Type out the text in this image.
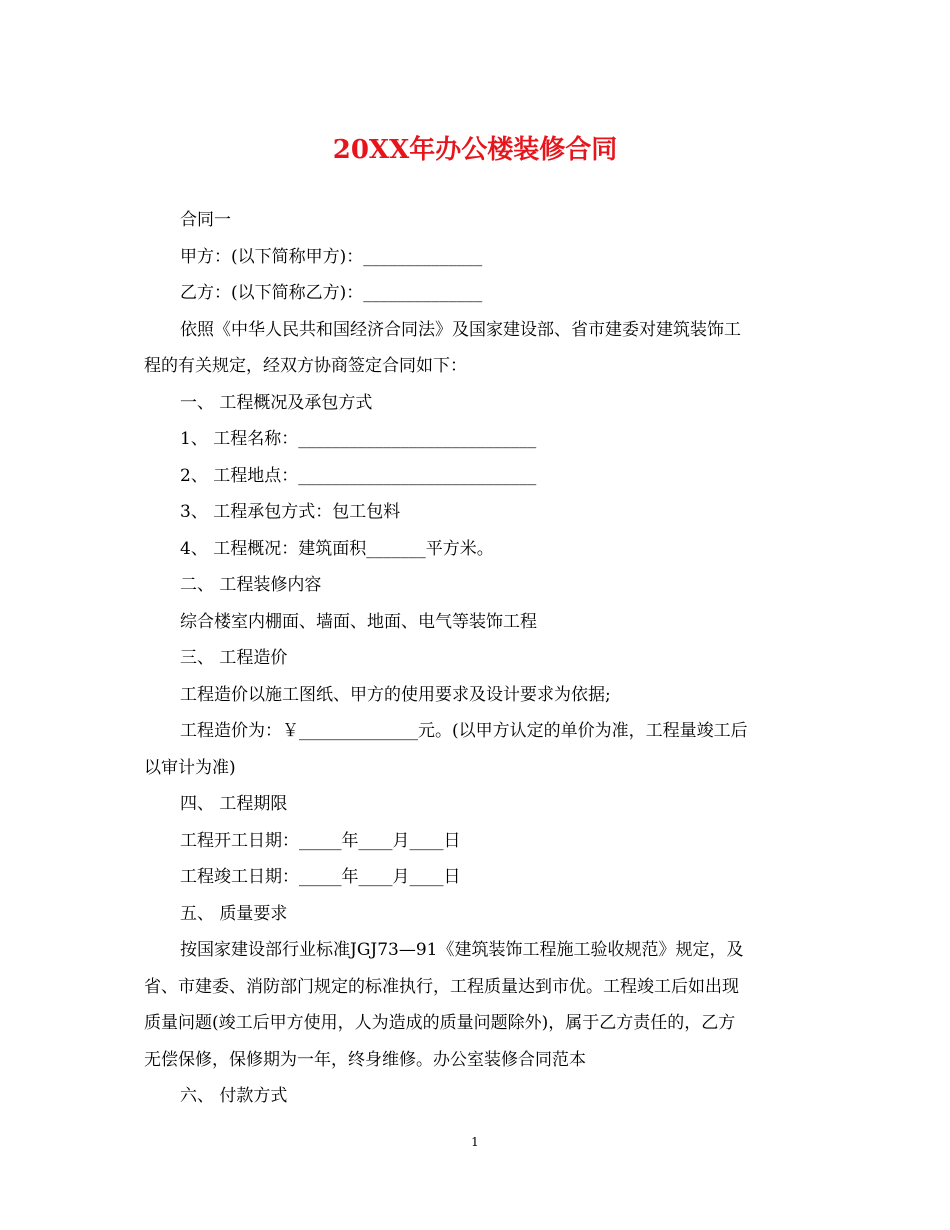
20XX年办公楼装修合同

合同一

甲方：(以下简称甲方)：______________

乙方：(以下简称乙方)：______________

依照《中华人民共和国经济合同法》及国家建设部、省市建委对建筑装饰工

程的有关规定，经双方协商签定合同如下：

一、 工程概况及承包方式

1、 工程名称：____________________________

2、 工程地点：____________________________

3、 工程承包方式：包工包料

4、 工程概况：建筑面积_______平方米。

二、 工程装修内容

综合楼室内棚面、墙面、地面、电气等装饰工程

三、 工程造价

工程造价以施工图纸、甲方的使用要求及设计要求为依据;

工程造价为：￥______________元。(以甲方认定的单价为准，工程量竣工后

以审计为准)

四、 工程期限

工程开工日期：_____年____月____日

工程竣工日期：_____年____月____日

五、 质量要求

按国家建设部行业标准JGJ73—91《建筑装饰工程施工验收规范》规定，及

省、市建委、消防部门规定的标准执行，工程质量达到市优。工程竣工后如出现

质量问题(竣工后甲方使用，人为造成的质量问题除外)，属于乙方责任的，乙方

无偿保修，保修期为一年，终身维修。办公室装修合同范本

六、 付款方式

1
